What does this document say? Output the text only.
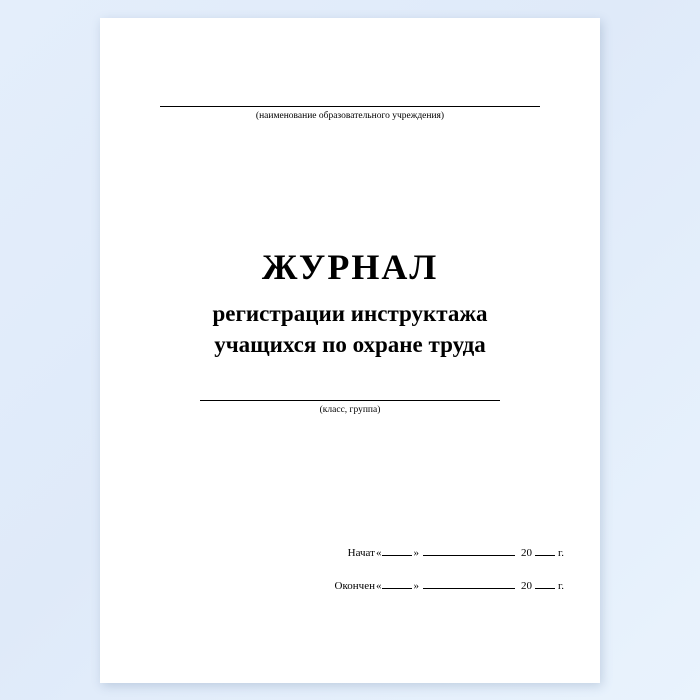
(наименование образовательного учреждения)
ЖУРНАЛ
регистрации инструктажа
учащихся по охране труда
(класс, группа)
Начат «	»	20 г.
Окончен «	»	20 г.
